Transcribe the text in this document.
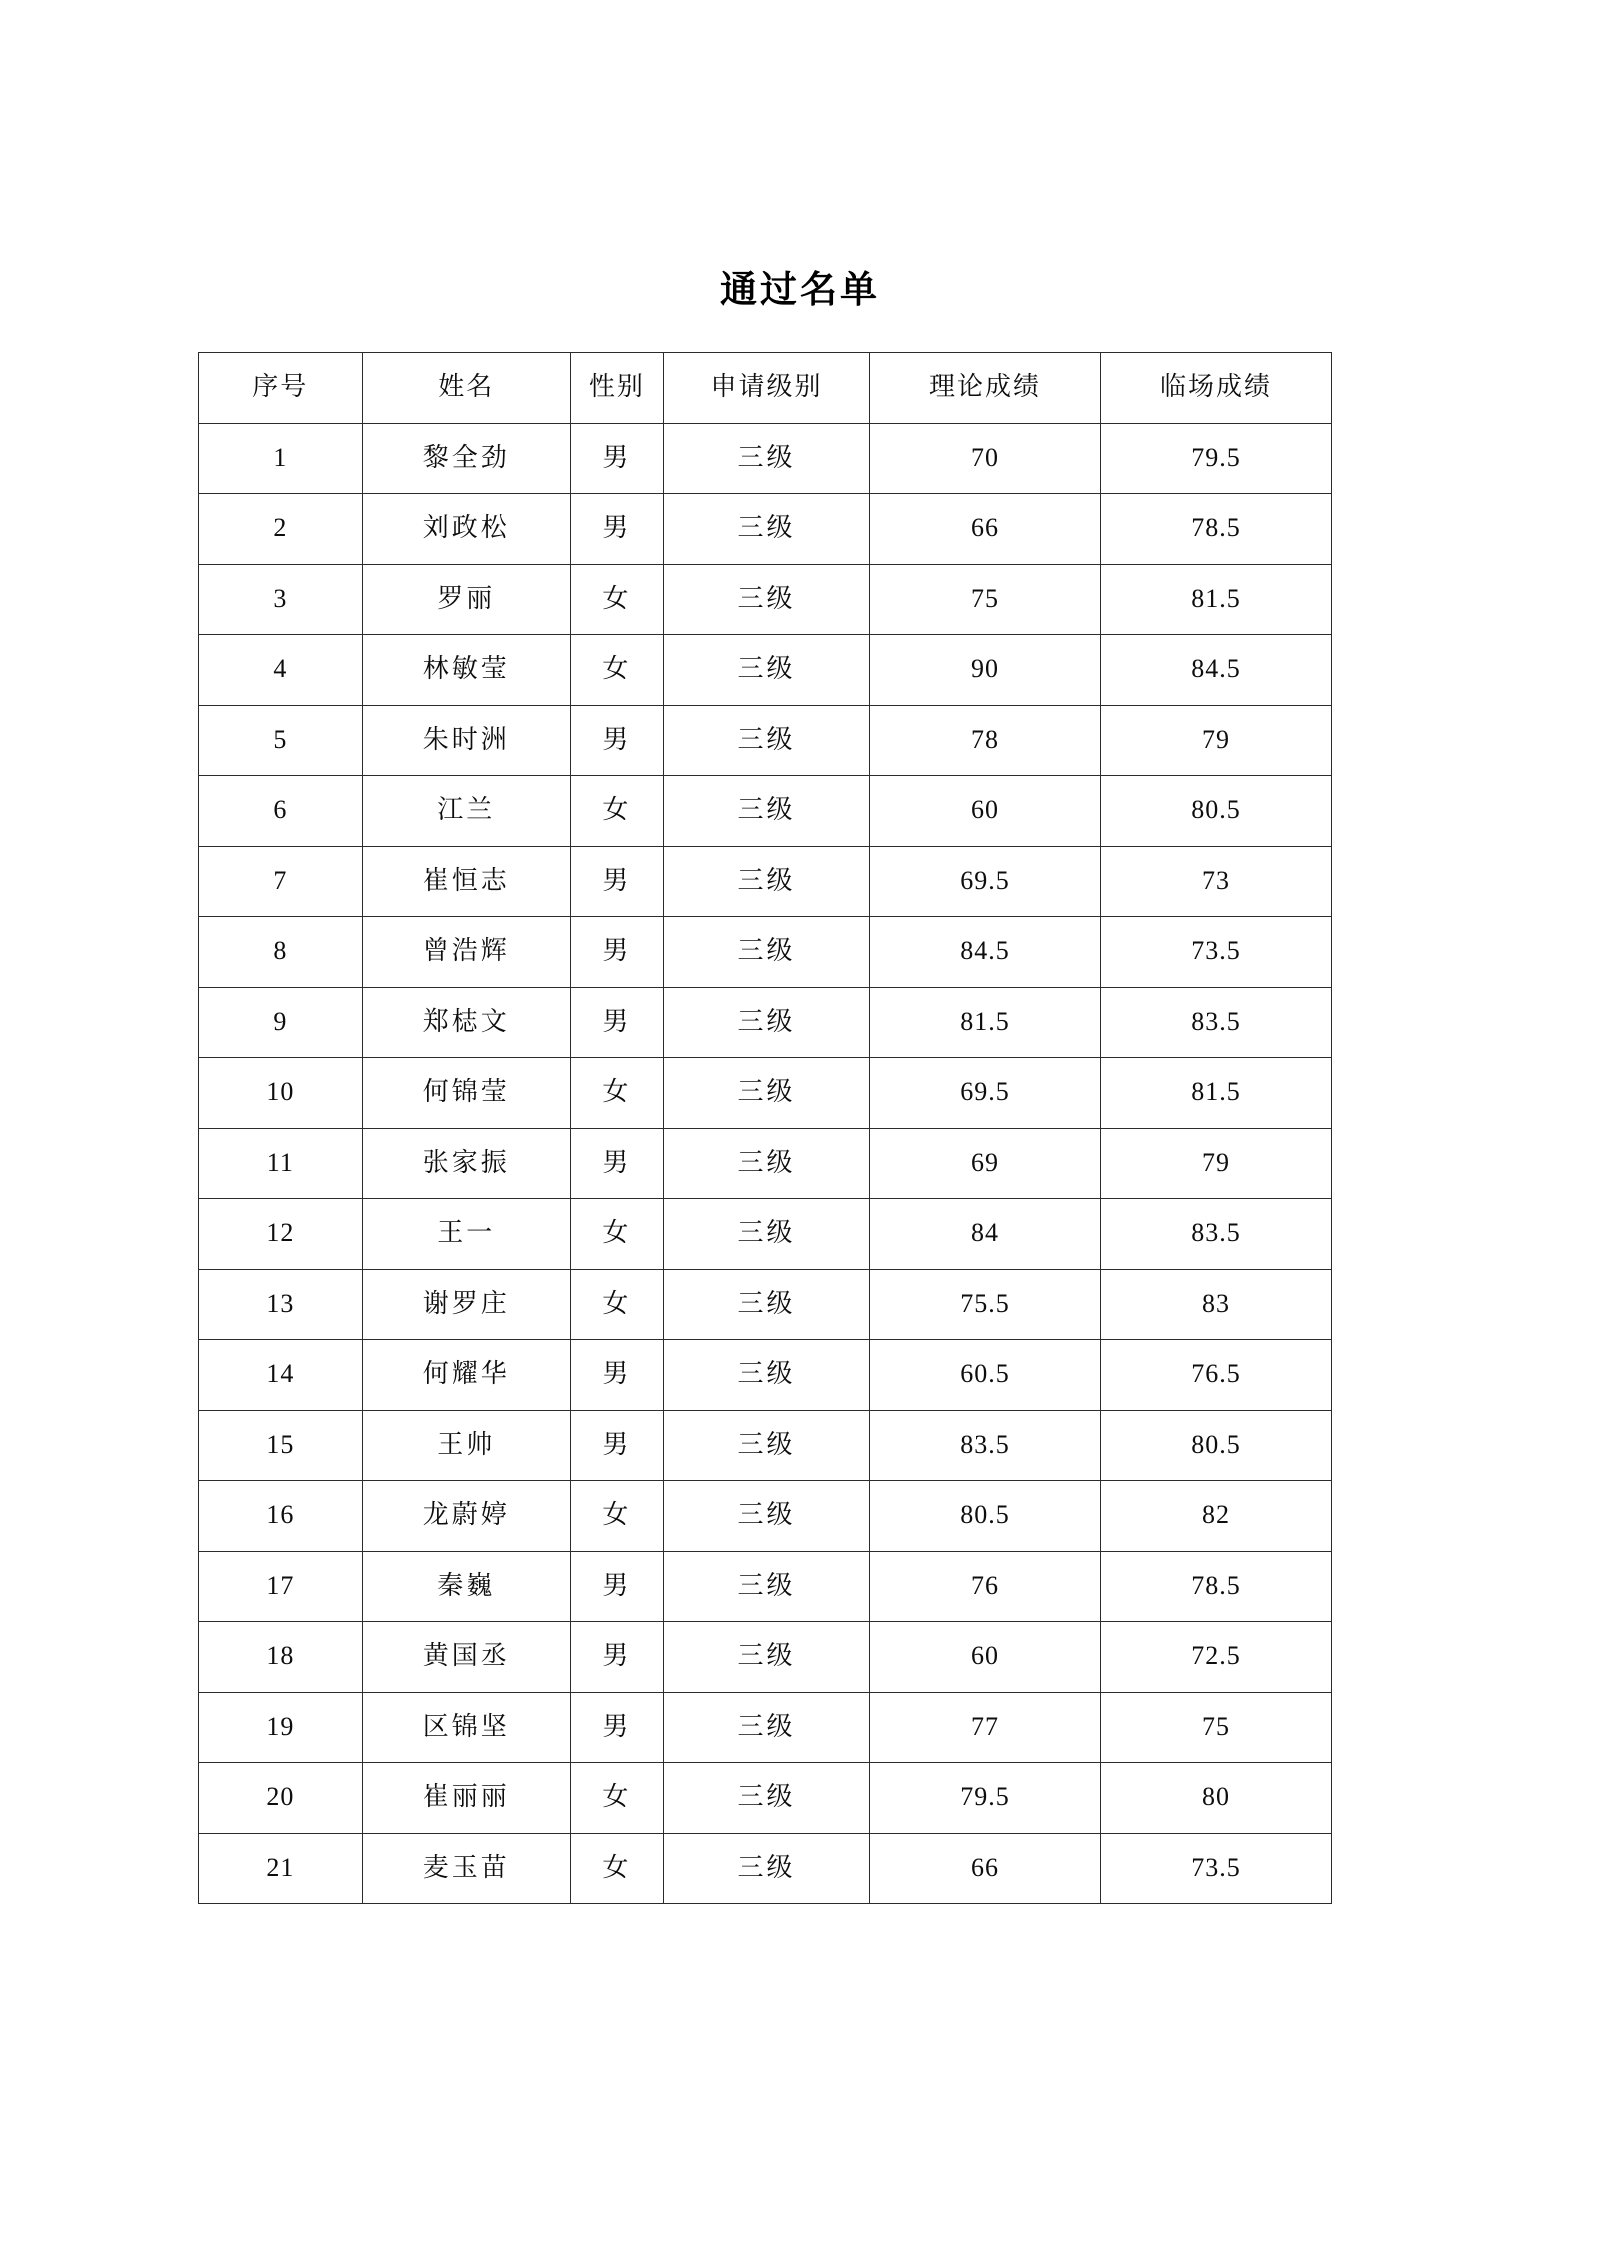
通过名单
序号	姓名	性别	申请级别	理论成绩	临场成绩
1	黎全劲	男	三级	70	79.5
2	刘政松	男	三级	66	78.5
3	罗丽	女	三级	75	81.5
4	林敏莹	女	三级	90	84.5
5	朱时洲	男	三级	78	79
6	江兰	女	三级	60	80.5
7	崔恒志	男	三级	69.5	73
8	曾浩辉	男	三级	84.5	73.5
9	郑梽文	男	三级	81.5	83.5
10	何锦莹	女	三级	69.5	81.5
11	张家振	男	三级	69	79
12	王一	女	三级	84	83.5
13	谢罗庄	女	三级	75.5	83
14	何耀华	男	三级	60.5	76.5
15	王帅	男	三级	83.5	80.5
16	龙蔚婷	女	三级	80.5	82
17	秦巍	男	三级	76	78.5
18	黄国丞	男	三级	60	72.5
19	区锦坚	男	三级	77	75
20	崔丽丽	女	三级	79.5	80
21	麦玉苗	女	三级	66	73.5
